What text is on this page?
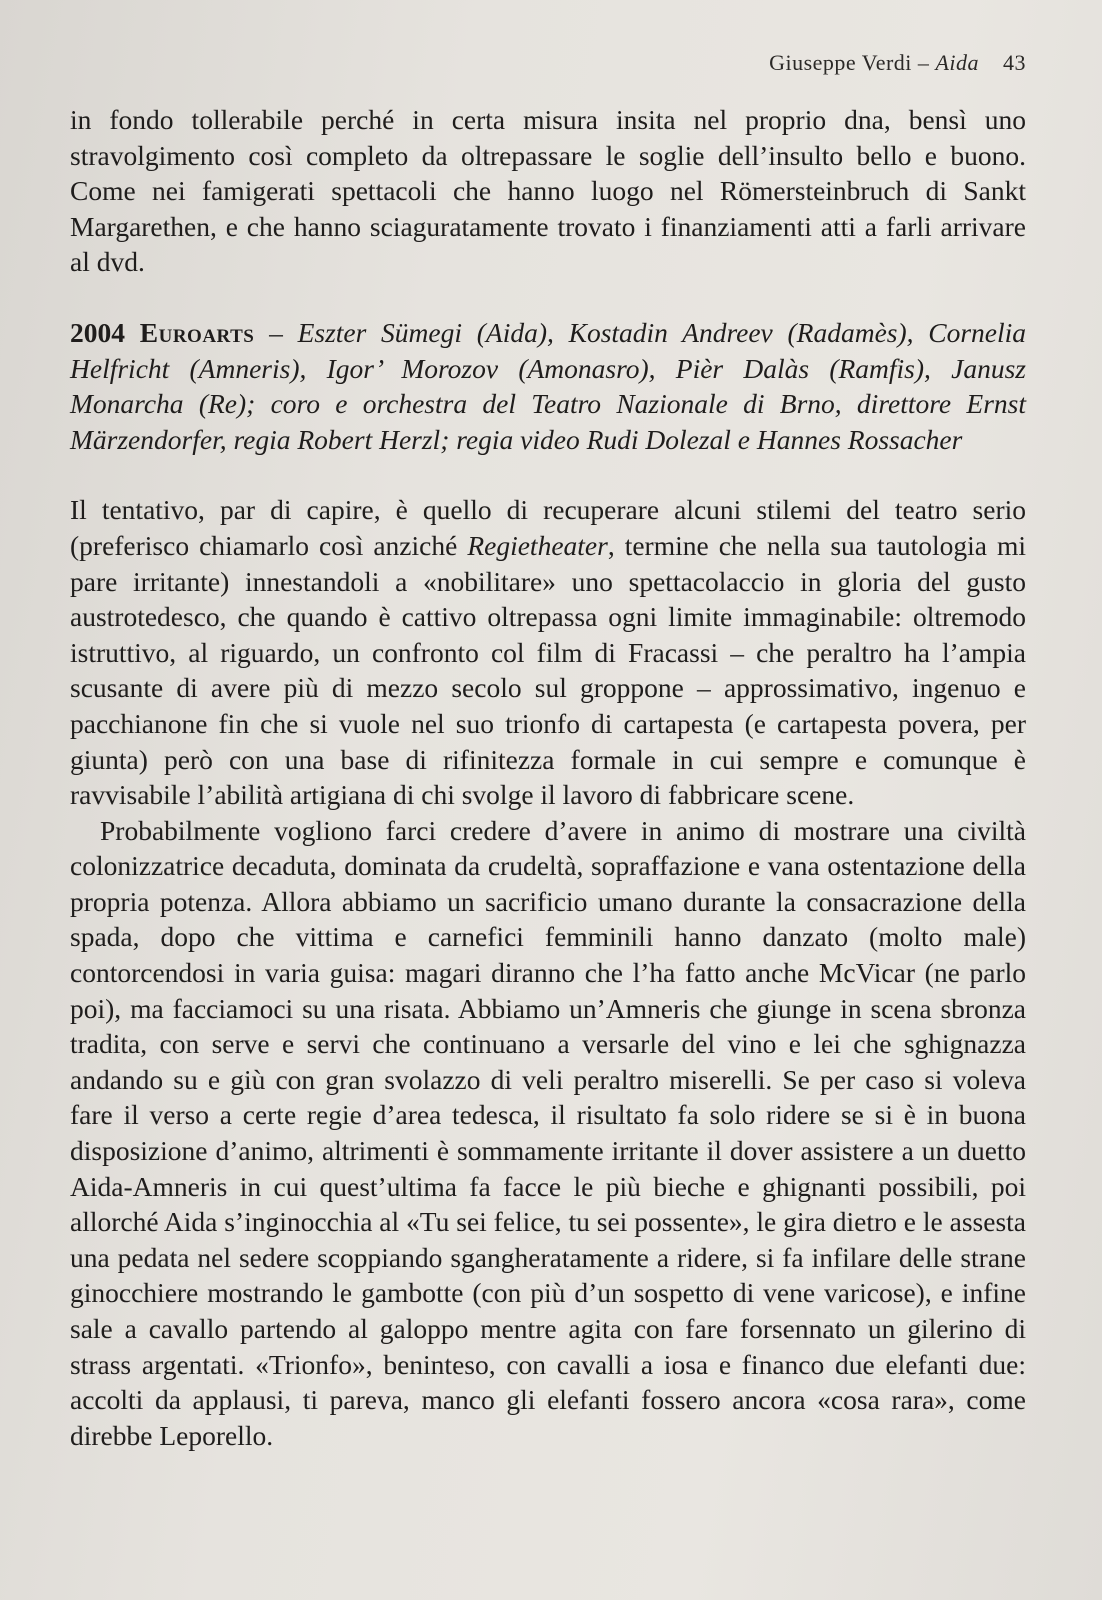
Giuseppe Verdi – Aida 43

in fondo tollerabile perché in certa misura insita nel proprio dna, bensì uno stravolgimento così completo da oltrepassare le soglie dell’insulto bello e buono. Come nei famigerati spettacoli che hanno luogo nel Römersteinbruch di Sankt Margarethen, e che hanno sciaguratamente trovato i finanziamenti atti a farli arrivare al dvd.

2004 Euroarts – Eszter Sümegi (Aida), Kostadin Andreev (Radamès), Cornelia Helfricht (Amneris), Igor’ Morozov (Amonasro), Pièr Dalàs (Ramfis), Janusz Monarcha (Re); coro e orchestra del Teatro Nazionale di Brno, direttore Ernst Märzendorfer, regia Robert Herzl; regia video Rudi Dolezal e Hannes Rossacher

Il tentativo, par di capire, è quello di recuperare alcuni stilemi del teatro serio (preferisco chiamarlo così anziché Regietheater, termine che nella sua tautologia mi pare irritante) innestandoli a «nobilitare» uno spettacolaccio in gloria del gusto austrotedesco, che quando è cattivo oltrepassa ogni limite immaginabile: oltremodo istruttivo, al riguardo, un confronto col film di Fracassi – che peraltro ha l’ampia scusante di avere più di mezzo secolo sul groppone – approssimativo, ingenuo e pacchianone fin che si vuole nel suo trionfo di cartapesta (e cartapesta povera, per giunta) però con una base di rifinitezza formale in cui sempre e comunque è ravvisabile l’abilità artigiana di chi svolge il lavoro di fabbricare scene.

Probabilmente vogliono farci credere d’avere in animo di mostrare una civiltà colonizzatrice decaduta, dominata da crudeltà, sopraffazione e vana ostentazione della propria potenza. Allora abbiamo un sacrificio umano durante la consacrazione della spada, dopo che vittima e carnefici femminili hanno danzato (molto male) contorcendosi in varia guisa: magari diranno che l’ha fatto anche McVicar (ne parlo poi), ma facciamoci su una risata. Abbiamo un’Amneris che giunge in scena sbronza tradita, con serve e servi che continuano a versarle del vino e lei che sghignazza andando su e giù con gran svolazzo di veli peraltro miserelli. Se per caso si voleva fare il verso a certe regie d’area tedesca, il risultato fa solo ridere se si è in buona disposizione d’animo, altrimenti è sommamente irritante il dover assistere a un duetto Aida-Amneris in cui quest’ultima fa facce le più bieche e ghignanti possibili, poi allorché Aida s’inginocchia al «Tu sei felice, tu sei possente», le gira dietro e le assesta una pedata nel sedere scoppiando sgangheratamente a ridere, si fa infilare delle strane ginocchiere mostrando le gambotte (con più d’un sospetto di vene varicose), e infine sale a cavallo partendo al galoppo mentre agita con fare forsennato un gilerino di strass argentati. «Trionfo», beninteso, con cavalli a iosa e financo due elefanti due: accolti da applausi, ti pareva, manco gli elefanti fossero ancora «cosa rara», come direbbe Leporello.
